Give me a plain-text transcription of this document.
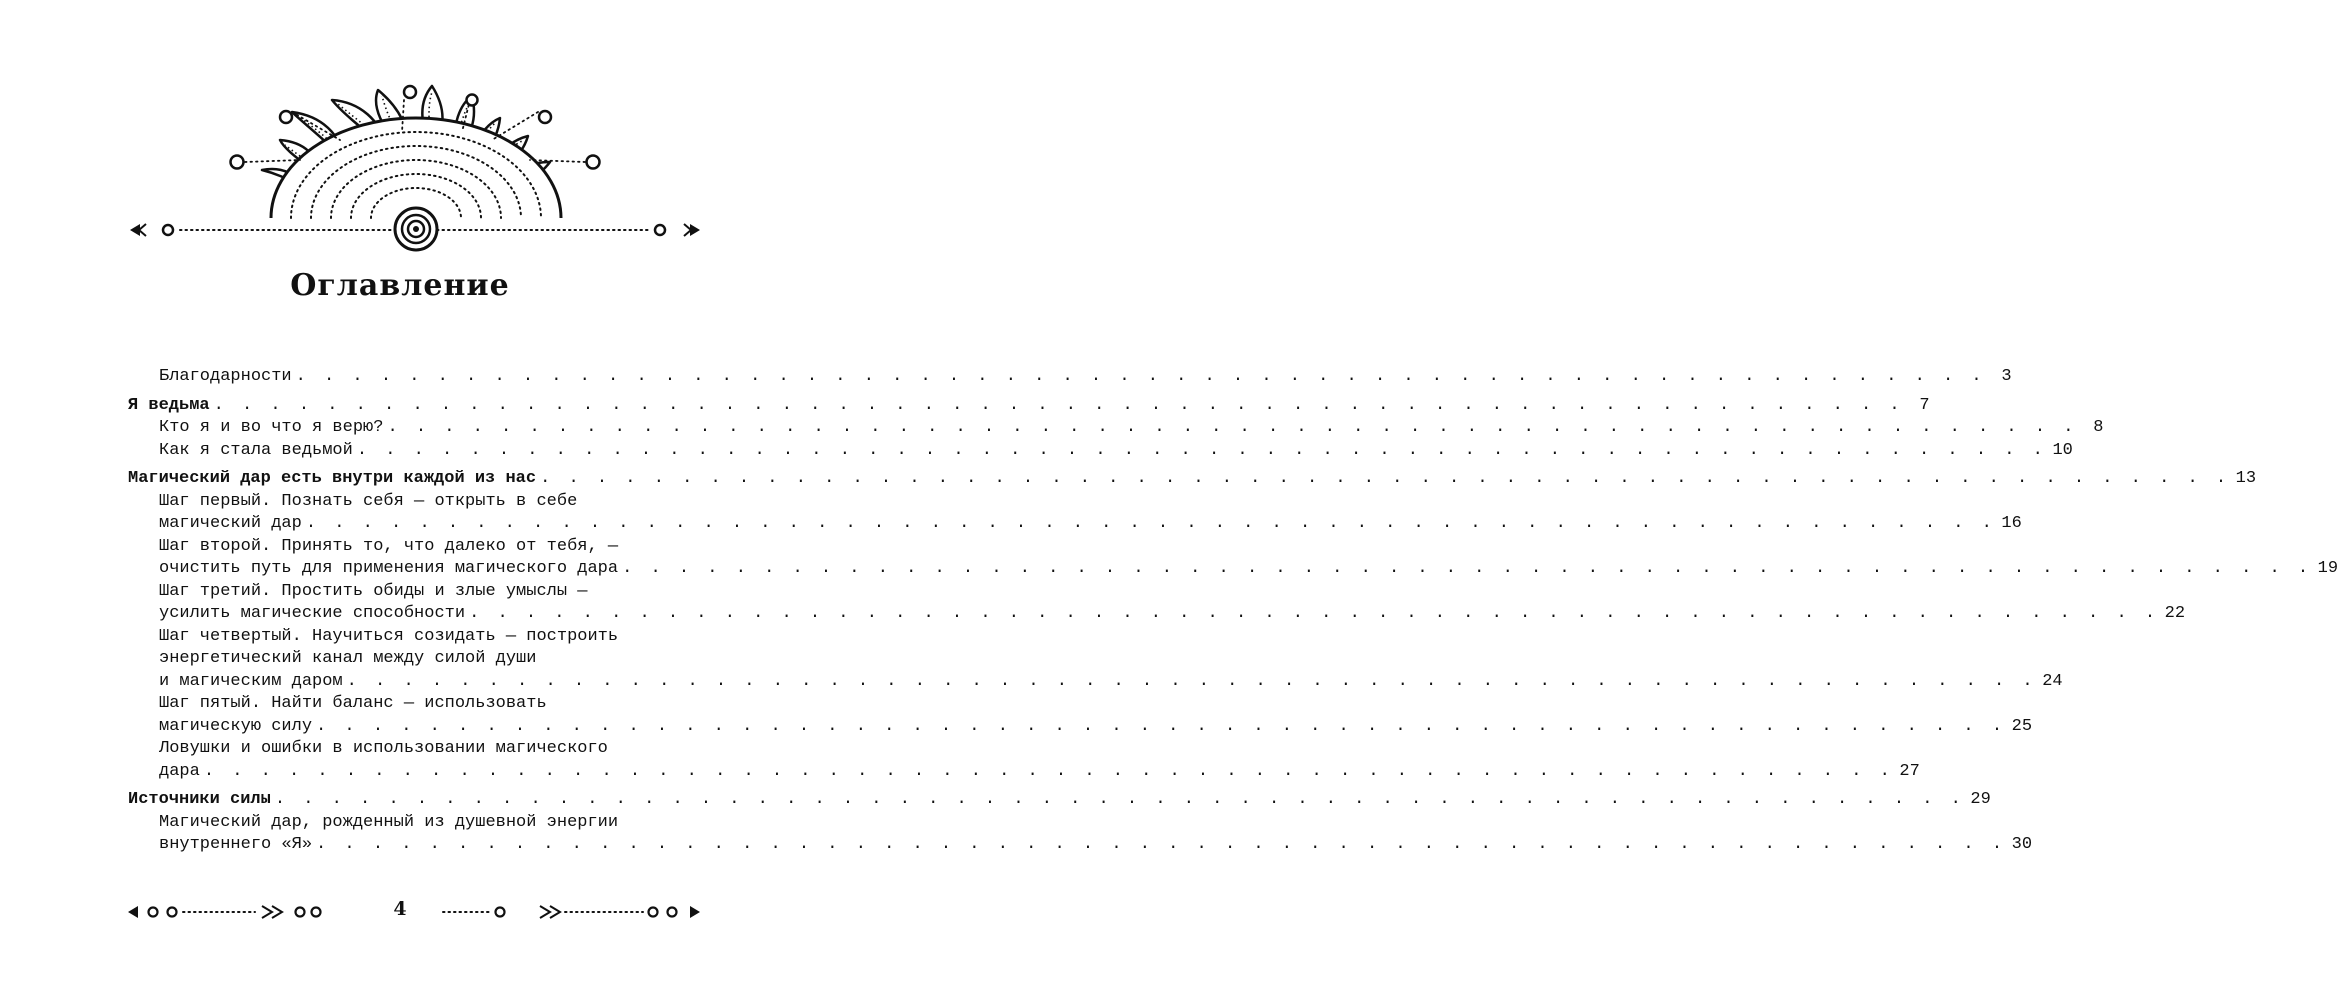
Оглавление
Благодарности . . . . . . . . . . . . . . . . . . . . . . . . . . . . . . . . . . . . . . . . . . . . . . . . . . . . . . . . . . . . 3
Я ведьма . . . . . . . . . . . . . . . . . . . . . . . . . . . . . . . . . . . . . . . . . . . . . . . . . . . . . . . . . . . . 7
Кто я и во что я верю? . . . . . . . . . . . . . . . . . . . . . . . . . . . . . . . . . . . . . . . . . . . . . . . . . . . . . . . . . . . . 8
Как я стала ведьмой . . . . . . . . . . . . . . . . . . . . . . . . . . . . . . . . . . . . . . . . . . . . . . . . . . . . . . . . . . . . 10
Магический дар есть внутри каждой из нас . . . . . . . . . . . . . . . . . . . . . . . . . . . . . . . . . . . . . . . . . . . . . . . . . . . . . . . . . . . . 13
Шаг первый. Познать себя — открыть в себе
магический дар . . . . . . . . . . . . . . . . . . . . . . . . . . . . . . . . . . . . . . . . . . . . . . . . . . . . . . . . . . . . 16
Шаг второй. Принять то, что далеко от тебя, —
очистить путь для применения магического дара . . . . . . . . . . . . . . . . . . . . . . . . . . . . . . . . . . . . . . . . . . . . . . . . . . . . . . . . . . . . 19
Шаг третий. Простить обиды и злые умыслы —
усилить магические способности . . . . . . . . . . . . . . . . . . . . . . . . . . . . . . . . . . . . . . . . . . . . . . . . . . . . . . . . . . . . 22
Шаг четвертый. Научиться созидать — построить
энергетический канал между силой души
и магическим даром . . . . . . . . . . . . . . . . . . . . . . . . . . . . . . . . . . . . . . . . . . . . . . . . . . . . . . . . . . . . 24
Шаг пятый. Найти баланс — использовать
магическую силу . . . . . . . . . . . . . . . . . . . . . . . . . . . . . . . . . . . . . . . . . . . . . . . . . . . . . . . . . . . . 25
Ловушки и ошибки в использовании магического
дара . . . . . . . . . . . . . . . . . . . . . . . . . . . . . . . . . . . . . . . . . . . . . . . . . . . . . . . . . . . . 27
Источники силы . . . . . . . . . . . . . . . . . . . . . . . . . . . . . . . . . . . . . . . . . . . . . . . . . . . . . . . . . . . . 29
Магический дар, рожденный из душевной энергии
внутреннего «Я» . . . . . . . . . . . . . . . . . . . . . . . . . . . . . . . . . . . . . . . . . . . . . . . . . . . . . . . . . . . . 30
4
